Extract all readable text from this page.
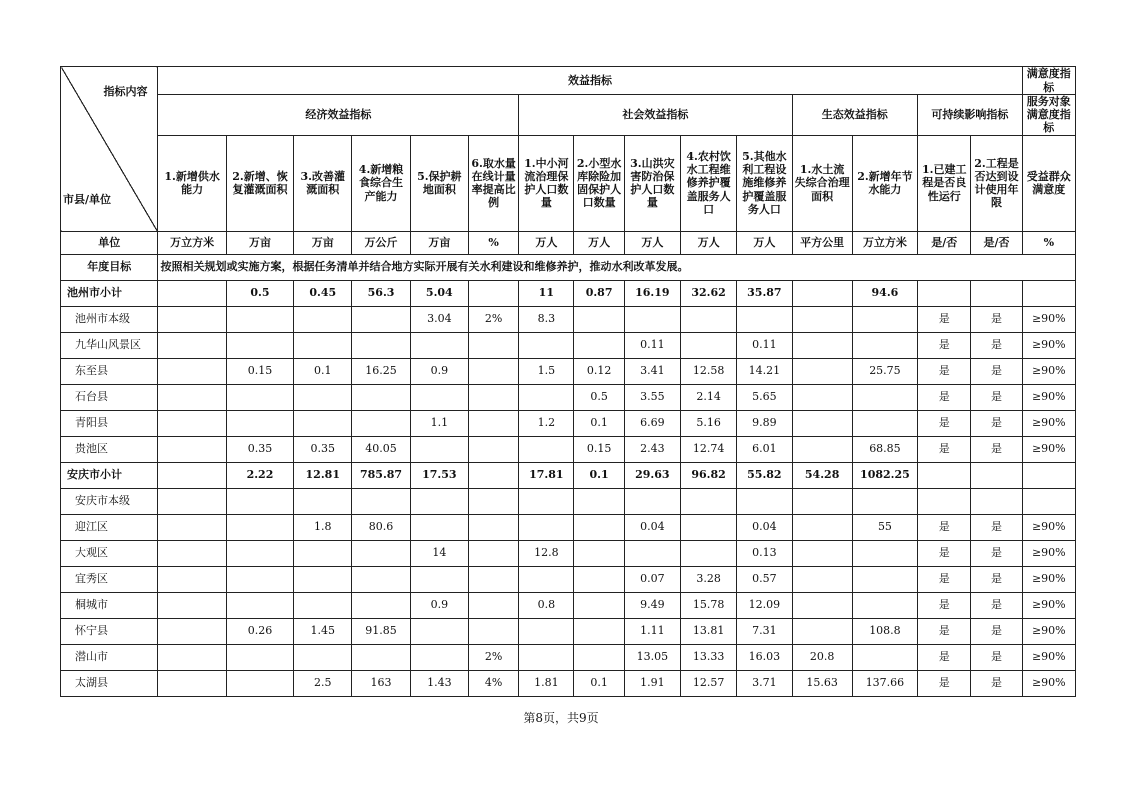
指标内容
市县/单位	效益指标															满意度指标
	经济效益指标						社会效益指标					生态效益指标		可持续影响指标		服务对象满意度指标
	1.新增供水能力	2.新增、恢复灌溉面积	3.改善灌溉面积	4.新增粮食综合生产能力	5.保护耕地面积	6.取水量在线计量率提高比例	1.中小河流治理保护人口数量	2.小型水库除险加固保护人口数量	3.山洪灾害防治保护人口数量	4.农村饮水工程维修养护覆盖服务人口	5.其他水利工程设施维修养护覆盖服务人口	1.水土流失综合治理面积	2.新增年节水能力	1.已建工程是否良性运行	2.工程是否达到设计使用年限	受益群众满意度
单位	万立方米	万亩	万亩	万公斤	万亩	%	万人	万人	万人	万人	万人	平方公里	万立方米	是/否	是/否	%
年度目标	按照相关规划或实施方案，根据任务清单并结合地方实际开展有关水利建设和维修养护，推动水利改革发展。															
池州市小计		0.5	0.45	56.3	5.04		11	0.87	16.19	32.62	35.87		94.6			
池州市本级					3.04	2%	8.3							是	是	≥90%
九华山风景区									0.11		0.11			是	是	≥90%
东至县		0.15	0.1	16.25	0.9		1.5	0.12	3.41	12.58	14.21		25.75	是	是	≥90%
石台县								0.5	3.55	2.14	5.65			是	是	≥90%
青阳县					1.1		1.2	0.1	6.69	5.16	9.89			是	是	≥90%
贵池区		0.35	0.35	40.05				0.15	2.43	12.74	6.01		68.85	是	是	≥90%
安庆市小计		2.22	12.81	785.87	17.53		17.81	0.1	29.63	96.82	55.82	54.28	1082.25			
安庆市本级																
迎江区			1.8	80.6					0.04		0.04		55	是	是	≥90%
大观区					14		12.8				0.13			是	是	≥90%
宜秀区									0.07	3.28	0.57			是	是	≥90%
桐城市					0.9		0.8		9.49	15.78	12.09			是	是	≥90%
怀宁县		0.26	1.45	91.85					1.11	13.81	7.31		108.8	是	是	≥90%
潜山市						2%			13.05	13.33	16.03	20.8		是	是	≥90%
太湖县			2.5	163	1.43	4%	1.81	0.1	1.91	12.57	3.71	15.63	137.66	是	是	≥90%
第8页，共9页
